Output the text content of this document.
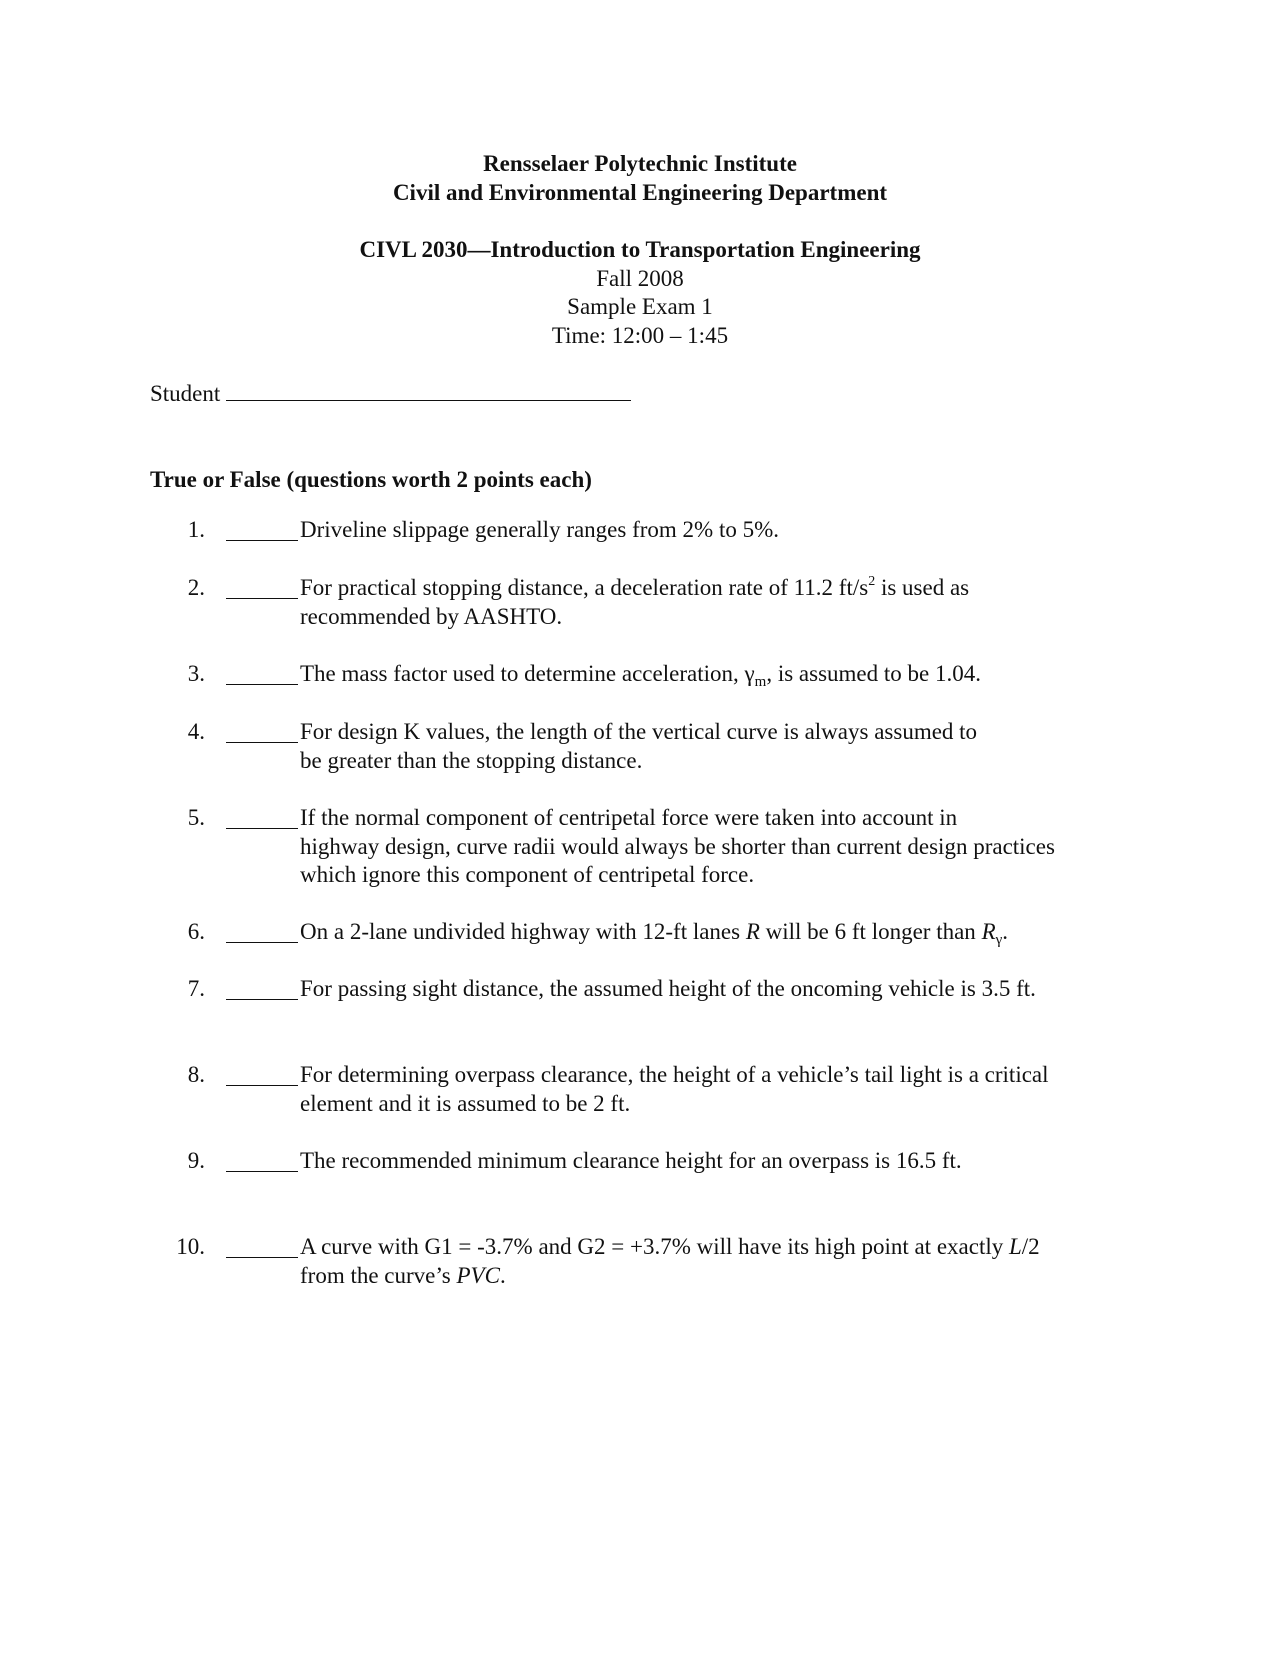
Rensselaer Polytechnic Institute
Civil and Environmental Engineering Department
CIVL 2030—Introduction to Transportation Engineering
Fall 2008
Sample Exam 1
Time: 12:00 – 1:45
Student
True or False (questions worth 2 points each)
1.	Driveline slippage generally ranges from 2% to 5%.
2.	For practical stopping distance, a deceleration rate of 11.2 $ft/s^2$ is used as
recommended by AASHTO.
3.	The mass factor used to determine acceleration, $\gamma_m$, is assumed to be 1.04.
4.	For design K values, the length of the vertical curve is always assumed to
be greater than the stopping distance.
5.	If the normal component of centripetal force were taken into account in
highway design, curve radii would always be shorter than current design practices
which ignore this component of centripetal force.
6.	On a 2-lane undivided highway with 12-ft lanes R will be 6 ft longer than $R_\gamma$.
7.	For passing sight distance, the assumed height of the oncoming vehicle is 3.5 ft.
8.	For determining overpass clearance, the height of a vehicle’s tail light is a critical
element and it is assumed to be 2 ft.
9.	The recommended minimum clearance height for an overpass is 16.5 ft.
10.	A curve with G1 = -3.7% and G2 = +3.7% will have its high point at exactly L/2
from the curve’s PVC.
